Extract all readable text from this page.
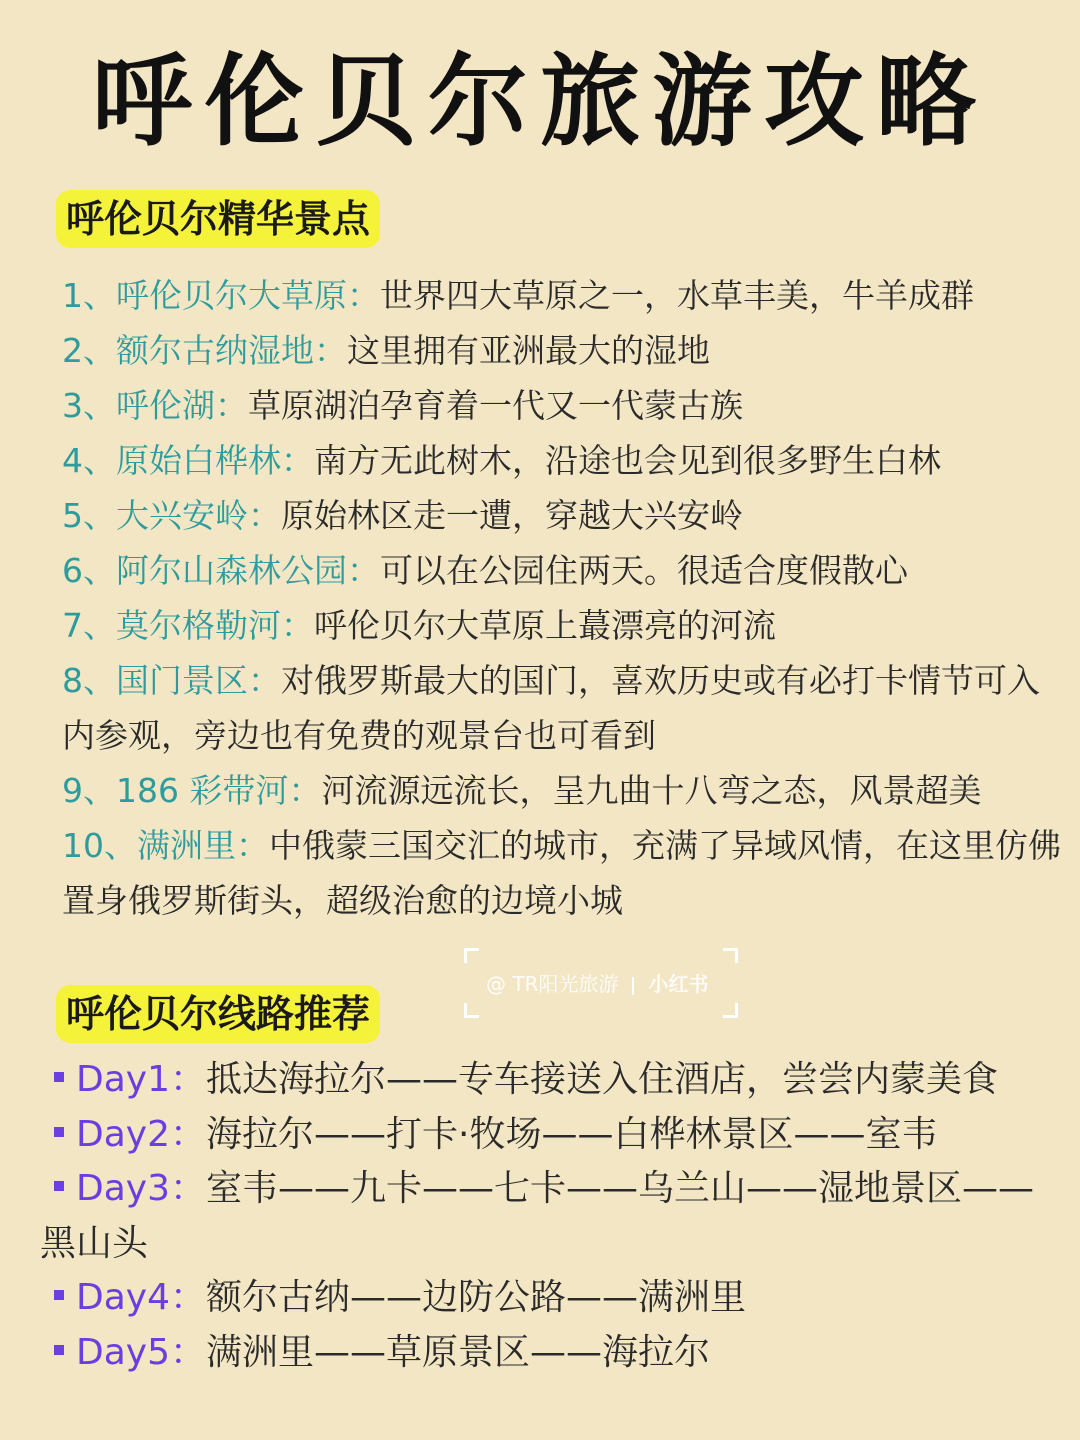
呼伦贝尔旅游攻略
呼伦贝尔精华景点
1、呼伦贝尔大草原：世界四大草原之一，水草丰美，牛羊成群
2、额尔古纳湿地：这里拥有亚洲最大的湿地
3、呼伦湖：草原湖泊孕育着一代又一代蒙古族
4、原始白桦林：南方无此树木，沿途也会见到很多野生白林
5、大兴安岭：原始林区走一遭，穿越大兴安岭
6、阿尔山森林公园：可以在公园住两天。很适合度假散心
7、莫尔格勒河：呼伦贝尔大草原上蕞漂亮的河流
8、国门景区：对俄罗斯最大的国门，喜欢历史或有必打卡情节可入内参观，旁边也有免费的观景台也可看到
9、186 彩带河：河流源远流长，呈九曲十八弯之态，风景超美
10、满洲里：中俄蒙三国交汇的城市，充满了异域风情，在这里仿佛置身俄罗斯街头，超级治愈的边境小城
@ TR阳光旅游 小红书
呼伦贝尔线路推荐
Day1：抵达海拉尔——专车接送入住酒店，尝尝内蒙美食
Day2：海拉尔——打卡·牧场——白桦林景区——室韦
Day3：室韦——九卡——七卡——乌兰山——湿地景区——黑山头
Day4：额尔古纳——边防公路——满洲里
Day5：满洲里——草原景区——海拉尔
